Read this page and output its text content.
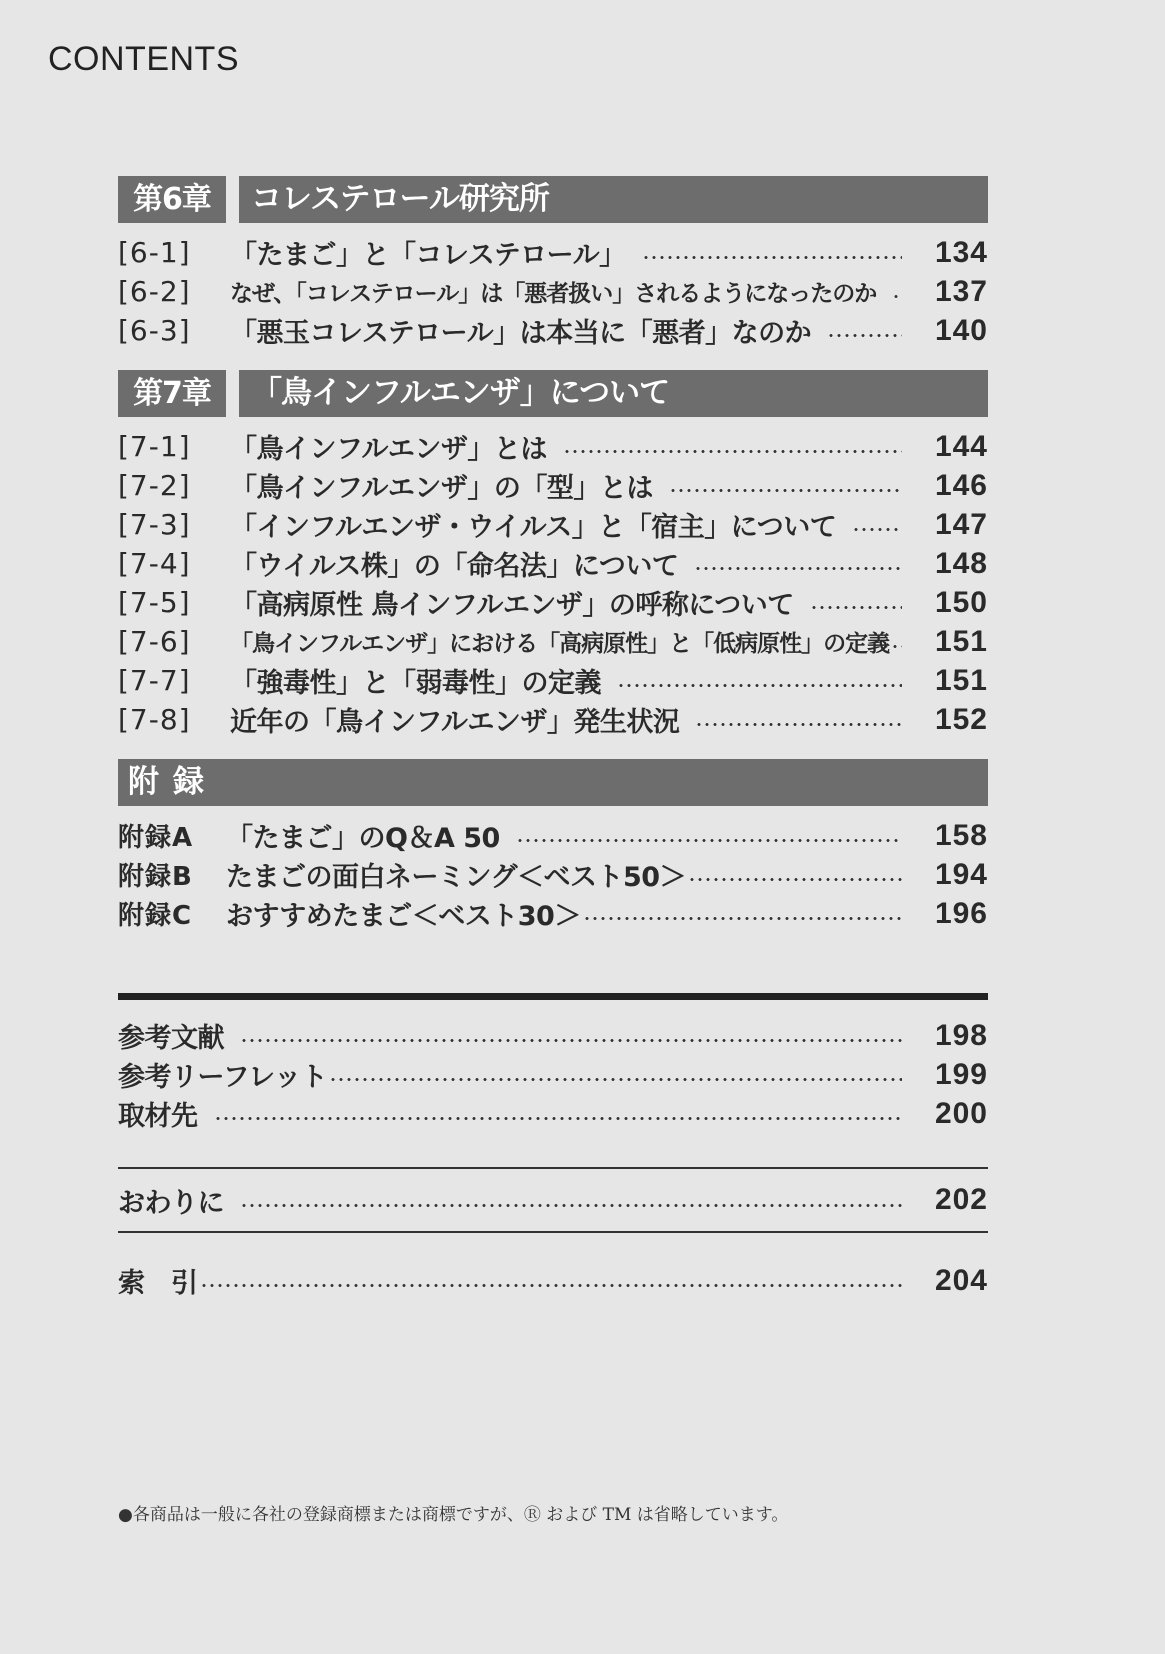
CONTENTS
第6章	コレステロール研究所
[6-1]	「たまご」と「コレステロール」	134
[6-2]	なぜ、「コレステロール」は「悪者扱い」されるようになったのか	137
[6-3]	「悪玉コレステロール」は本当に「悪者」なのか	140
第7章	「鳥インフルエンザ」について
[7-1]	「鳥インフルエンザ」とは	144
[7-2]	「鳥インフルエンザ」の「型」とは	146
[7-3]	「インフルエンザ・ウイルス」と「宿主」について	147
[7-4]	「ウイルス株」の「命名法」について	148
[7-5]	「高病原性 鳥インフルエンザ」の呼称について	150
[7-6]	「鳥インフルエンザ」における「高病原性」と「低病原性」の定義	151
[7-7]	「強毒性」と「弱毒性」の定義	151
[7-8]	近年の「鳥インフルエンザ」発生状況	152
附録
附録A	「たまご」のQ＆A 50	158
附録B	たまごの面白ネーミング＜ベスト50＞	194
附録C	おすすめたまご＜ベスト30＞	196
参考文献	198
参考リーフレット	199
取材先	200
おわりに	202
索　引	204
●各商品は一般に各社の登録商標または商標ですが、Ⓡ および TM は省略しています。
